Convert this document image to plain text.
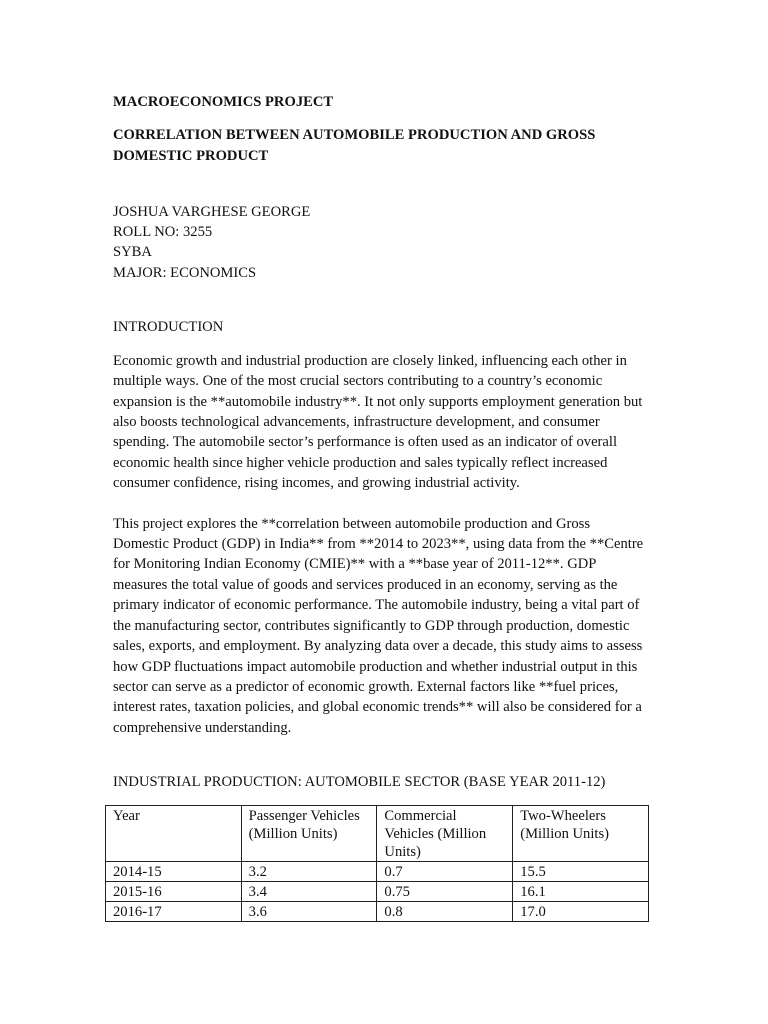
MACROECONOMICS PROJECT

CORRELATION BETWEEN AUTOMOBILE PRODUCTION AND GROSS DOMESTIC PRODUCT

JOSHUA VARGHESE GEORGE
ROLL NO: 3255
SYBA
MAJOR: ECONOMICS
INTRODUCTION

Economic growth and industrial production are closely linked, influencing each other in multiple ways. One of the most crucial sectors contributing to a country’s economic expansion is the **automobile industry**. It not only supports employment generation but also boosts technological advancements, infrastructure development, and consumer spending. The automobile sector’s performance is often used as an indicator of overall economic health since higher vehicle production and sales typically reflect increased consumer confidence, rising incomes, and growing industrial activity.

This project explores the **correlation between automobile production and Gross Domestic Product (GDP) in India** from **2014 to 2023**, using data from the **Centre for Monitoring Indian Economy (CMIE)** with a **base year of 2011-12**. GDP measures the total value of goods and services produced in an economy, serving as the primary indicator of economic performance. The automobile industry, being a vital part of the manufacturing sector, contributes significantly to GDP through production, domestic sales, exports, and employment. By analyzing data over a decade, this study aims to assess how GDP fluctuations impact automobile production and whether industrial output in this sector can serve as a predictor of economic growth. External factors like **fuel prices, interest rates, taxation policies, and global economic trends** will also be considered for a comprehensive understanding.

INDUSTRIAL PRODUCTION: AUTOMOBILE SECTOR (BASE YEAR 2011-12)
Year	Passenger Vehicles (Million Units)	Commercial Vehicles (Million Units)	Two-Wheelers (Million Units)
2014-15	3.2	0.7	15.5
2015-16	3.4	0.75	16.1
2016-17	3.6	0.8	17.0
